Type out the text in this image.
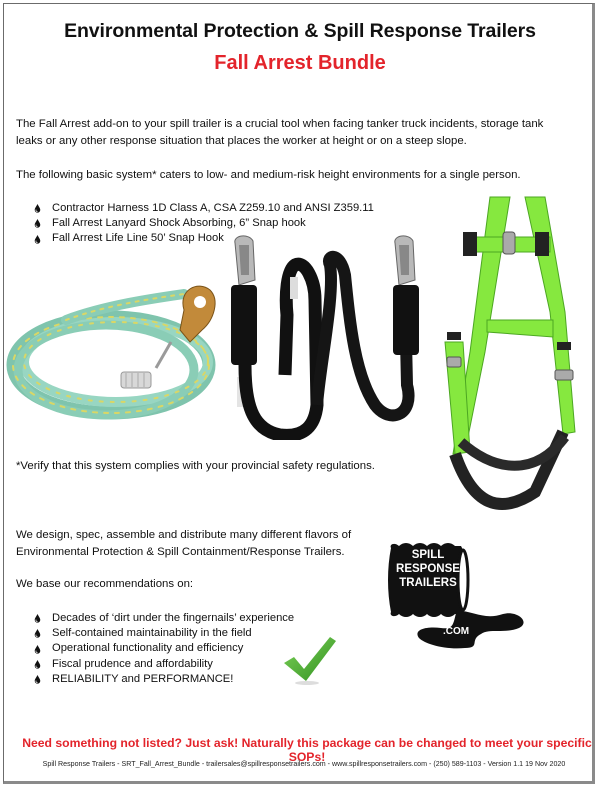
Environmental Protection & Spill Response Trailers
Fall Arrest Bundle
The Fall Arrest add-on to your spill trailer is a crucial tool when facing tanker truck incidents, storage tank
leaks or any other response situation that places the worker at height or on a steep slope.
The following basic system* caters to low- and medium-risk height environments for a single person.
Contractor Harness 1D Class A, CSA Z259.10 and ANSI Z359.11
Fall Arrest Lanyard Shock Absorbing, 6” Snap hook
Fall Arrest Life Line 50’ Snap Hook
*Verify that this system complies with your provincial safety regulations.
We design, spec, assemble and distribute many different flavors of
Environmental Protection & Spill Containment/Response Trailers.
We base our recommendations on:
Decades of ‘dirt under the fingernails’ experience
Self-contained maintainability in the field
Operational functionality and efficiency
Fiscal prudence and affordability
RELIABILITY and PERFORMANCE!
SPILL
RESPONSE
TRAILERS
.COM
Need something not listed? Just ask! Naturally this package can be changed to meet your specific SOPs!
Spill Response Trailers - SRT_Fall_Arrest_Bundle - trailersales@spillresponsetrailers.com - www.spillresponsetrailers.com - (250) 589-1103 - Version 1.1 19 Nov 2020
